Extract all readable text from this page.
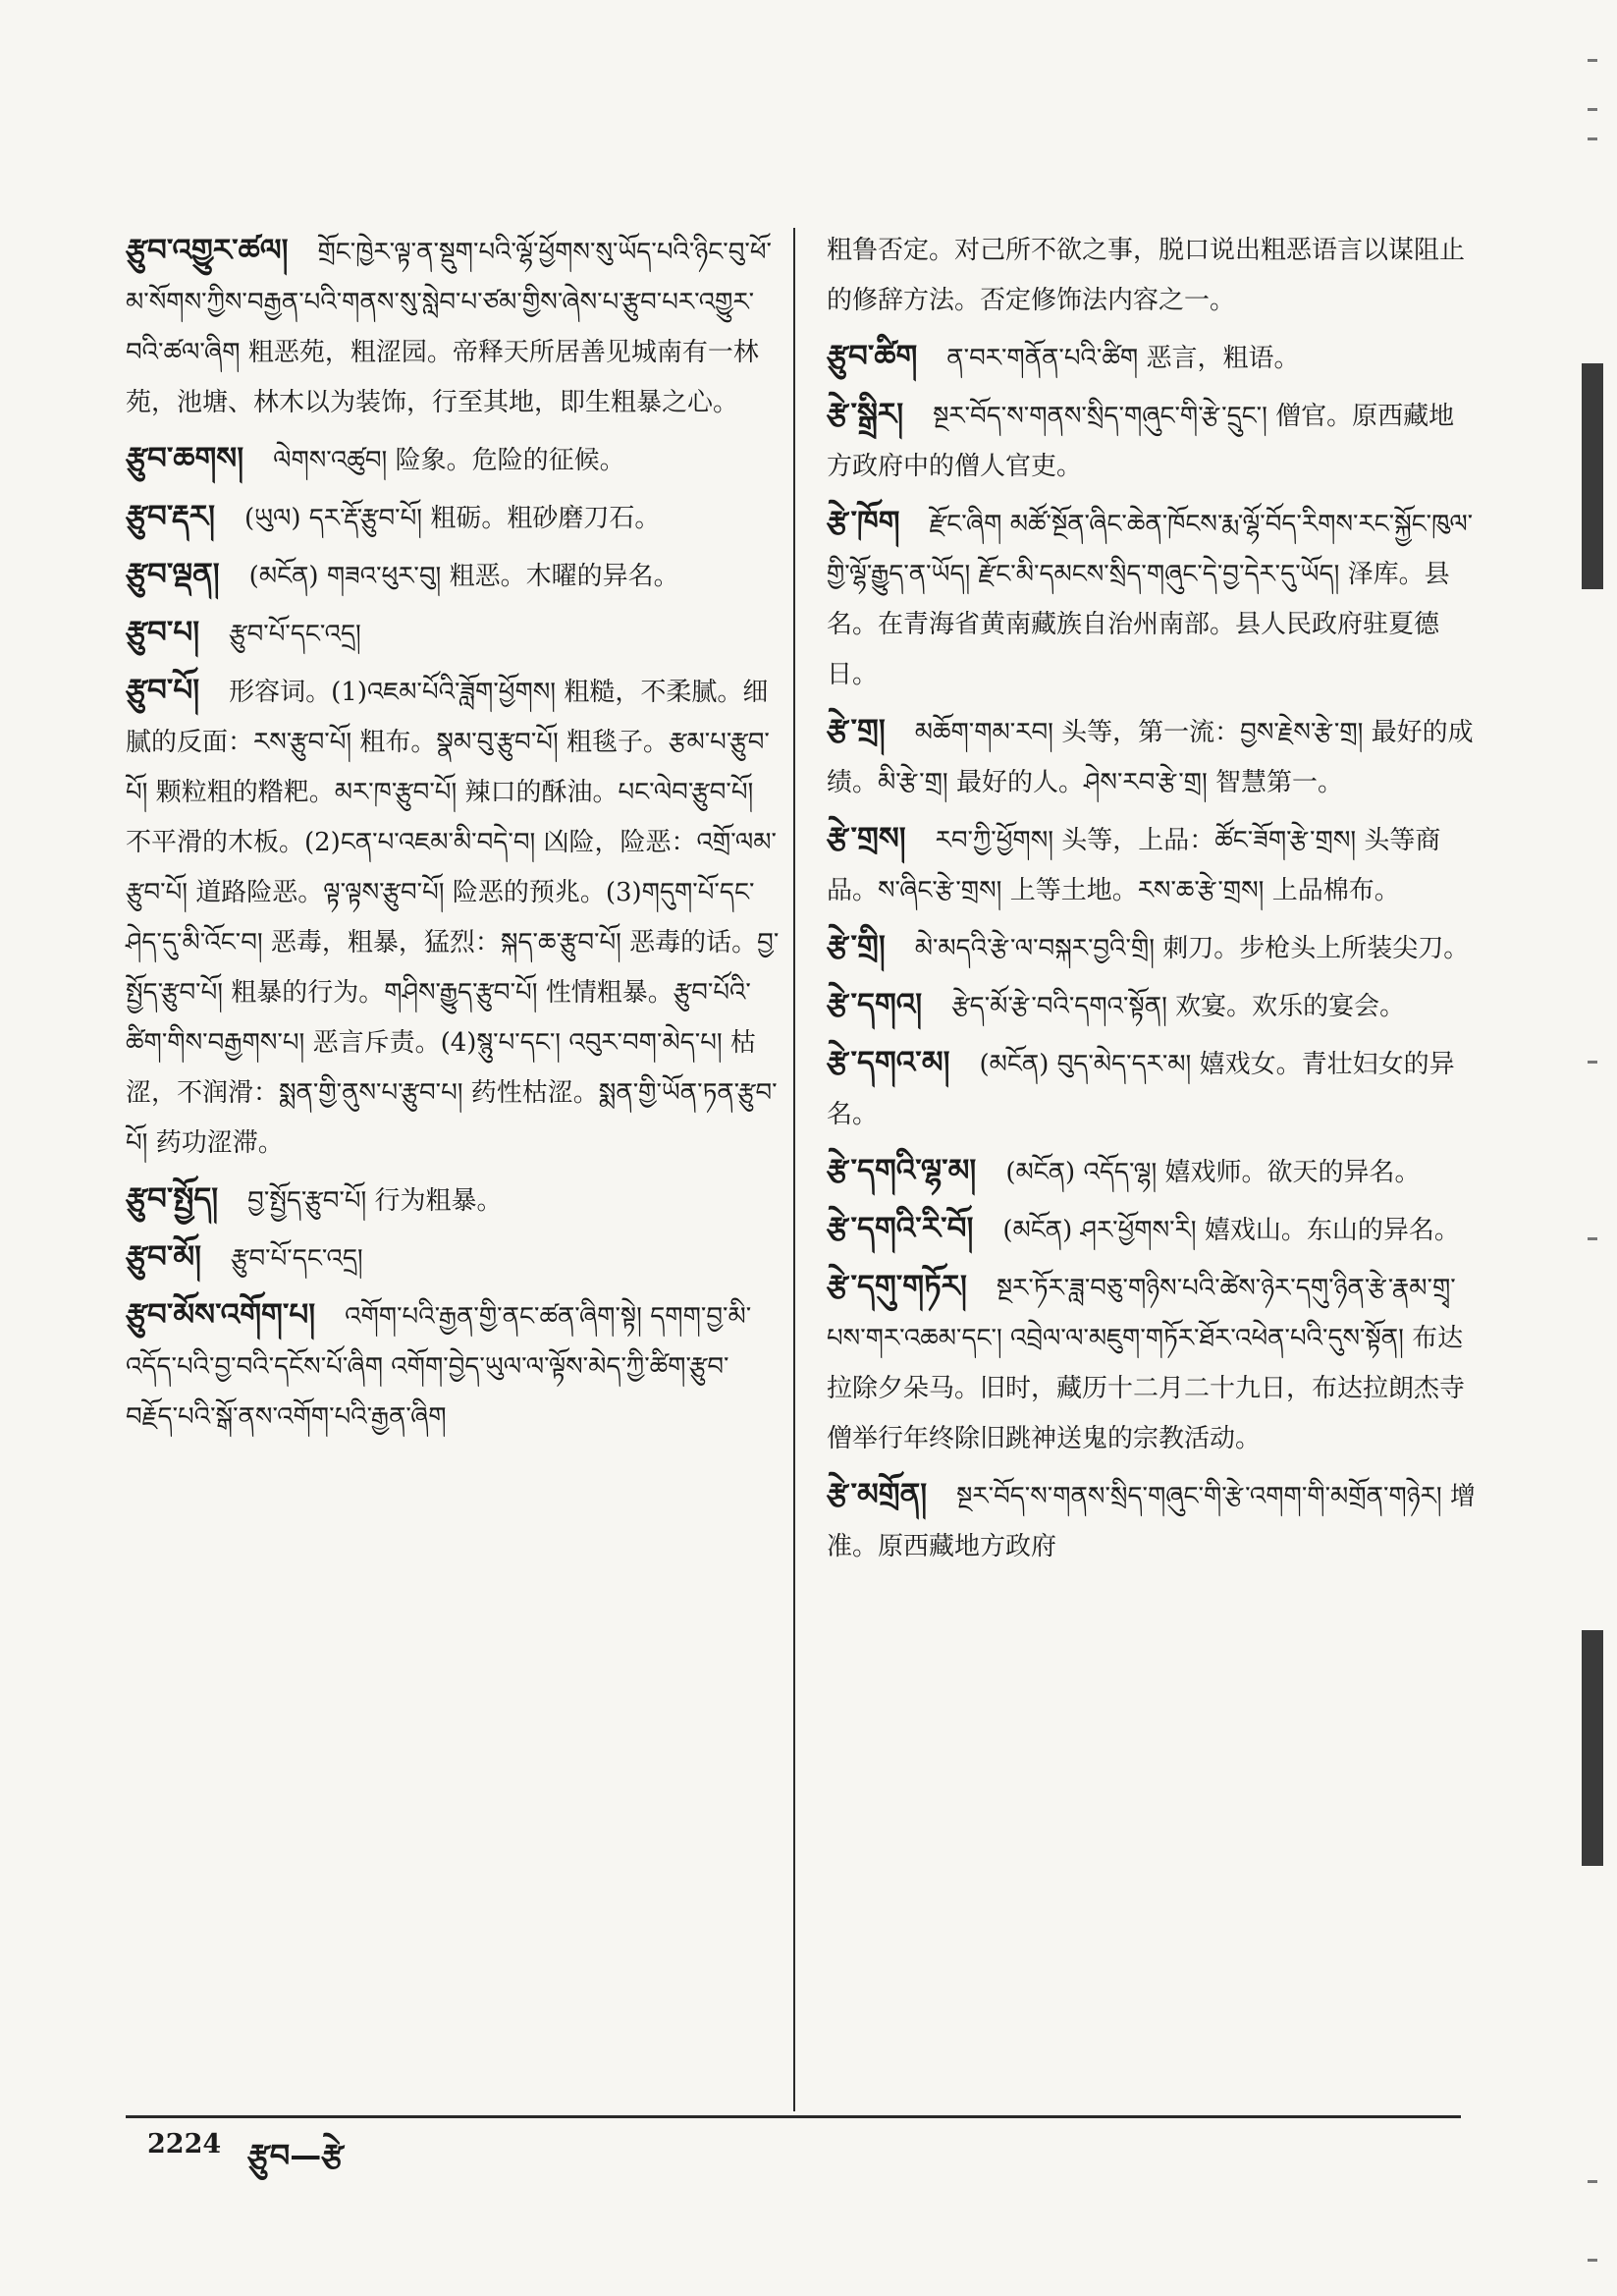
རྩུབ་འགྱུར་ཚལ། གྲོང་ཁྱེར་ལྟ་ན་སྡུག་པའི་ལྷོ་ཕྱོགས་སུ་ཡོད་པའི་ཉིང་བུ་ཕོ་མ་སོགས་ཀྱིས་བརྒྱན་པའི་གནས་སུ་སླེབ་པ་ཙམ་གྱིས་ཞེས་པ་རྩུབ་པར་འགྱུར་བའི་ཚལ་ཞིག 粗恶苑，粗涩园。帝释天所居善见城南有一林苑，池塘、林木以为装饰，行至其地，即生粗暴之心。
རྩུབ་ཆགས། ལེགས་འཚུབ། 险象。危险的征候。
རྩུབ་རྡར། (ཡུལ) དར་རྡོ་རྩུབ་པོ། 粗砺。粗砂磨刀石。
རྩུབ་ལྡན། (མངོན) གཟའ་ཕུར་བུ། 粗恶。木曜的异名。
རྩུབ་པ། རྩུབ་པོ་དང་འདྲ།
རྩུབ་པོ། 形容词。(1)འཇམ་པོའི་ཟློག་ཕྱོགས། 粗糙，不柔腻。细腻的反面：རས་རྩུབ་པོ། 粗布。སྣམ་བུ་རྩུབ་པོ། 粗毯子。རྩམ་པ་རྩུབ་པོ། 颗粒粗的糌粑。མར་ཁ་རྩུབ་པོ། 辣口的酥油。པང་ལེབ་རྩུབ་པོ། 不平滑的木板。(2)ངན་པ་འཇམ་མི་བདེ་བ། 凶险，险恶：འགྲོ་ལམ་རྩུབ་པོ། 道路险恶。ལྟ་ལྟས་རྩུབ་པོ། 险恶的预兆。(3)གདུག་པོ་དང་ཤེད་དུ་མི་འོང་བ། 恶毒，粗暴，猛烈：སྐད་ཆ་རྩུབ་པོ། 恶毒的话。བྱ་སྤྱོད་རྩུབ་པོ། 粗暴的行为。གཤིས་རྒྱུད་རྩུབ་པོ། 性情粗暴。རྩུབ་པོའི་ཚིག་གིས་བརྒྱགས་པ། 恶言斥责。(4)སྙུ་པ་དང་། འབུར་བག་མེད་པ། 枯涩，不润滑：སྨན་གྱི་ནུས་པ་རྩུབ་པ། 药性枯涩。སྨན་གྱི་ཡོན་ཏན་རྩུབ་པོ། 药功涩滞。
རྩུབ་སྤྱོད། བྱ་སྤྱོད་རྩུབ་པོ། 行为粗暴。
རྩུབ་མོ། རྩུབ་པོ་དང་འདྲ།
རྩུབ་མོས་འགོག་པ། འགོག་པའི་རྒྱན་གྱི་ནང་ཚན་ཞིག་སྟེ། དགག་བྱ་མི་འདོད་པའི་བྱ་བའི་དངོས་པོ་ཞིག འགོག་བྱེད་ཡུལ་ལ་ལྟོས་མེད་ཀྱི་ཚིག་རྩུབ་བརྗོད་པའི་སྒོ་ནས་འགོག་པའི་རྒྱན་ཞིག
粗鲁否定。对己所不欲之事，脱口说出粗恶语言以谋阻止的修辞方法。否定修饰法内容之一。
རྩུབ་ཚིག ན་བར་གནོན་པའི་ཚིག 恶言，粗语。
རྩེ་སྒྲིར། སྔར་བོད་ས་གནས་སྲིད་གཞུང་གི་རྩེ་དྲུང་། 僧官。原西藏地方政府中的僧人官吏。
རྩེ་ཁོག རྫོང་ཞིག མཚོ་སྔོན་ཞིང་ཆེན་ཁོངས་རྨ་ལྷོ་བོད་རིགས་རང་སྐྱོང་ཁུལ་གྱི་ལྷོ་རྒྱུད་ན་ཡོད། རྫོང་མི་དམངས་སྲིད་གཞུང་དེ་བྱ་དེར་དུ་ཡོད། 泽库。县名。在青海省黄南藏族自治州南部。县人民政府驻夏德日。
རྩེ་གྲ། མཆོག་གམ་རབ། 头等，第一流：བྱས་རྗེས་རྩེ་གྲ། 最好的成绩。མི་རྩེ་གྲ། 最好的人。ཤེས་རབ་རྩེ་གྲ། 智慧第一。
རྩེ་གྲས། རབ་ཀྱི་ཕྱོགས། 头等，上品：ཚོང་ཟོག་རྩེ་གྲས། 头等商品。ས་ཞིང་རྩེ་གྲས། 上等土地。རས་ཆ་རྩེ་གྲས། 上品棉布。
རྩེ་གྲི། མེ་མདའི་རྩེ་ལ་བསྐར་བྱའི་གྲི། 刺刀。步枪头上所装尖刀。
རྩེ་དགའ། རྩེད་མོ་རྩེ་བའི་དགའ་སྟོན། 欢宴。欢乐的宴会。
རྩེ་དགའ་མ། (མངོན) བུད་མེད་དར་མ། 嬉戏女。青壮妇女的异名。
རྩེ་དགའི་ལྷ་མ། (མངོན) འདོད་ལྷ། 嬉戏师。欲天的异名。
རྩེ་དགའི་རི་བོ། (མངོན) ཤར་ཕྱོགས་རི། 嬉戏山。东山的异名。
རྩེ་དགུ་གཏོར། སྔར་ཏོར་ཟླ་བཅུ་གཉིས་པའི་ཚེས་ཉེར་དགུ་ཉིན་རྩེ་རྣམ་གྲྭ་པས་གར་འཆམ་དང་། འབྲེལ་ལ་མཇུག་གཏོར་ཐོར་འཕེན་པའི་དུས་སྟོན། 布达拉除夕朵马。旧时，藏历十二月二十九日，布达拉朗杰寺僧举行年终除旧跳神送鬼的宗教活动。
རྩེ་མགྲོན། སྔར་བོད་ས་གནས་སྲིད་གཞུང་གི་རྩེ་འགག་གི་མགྲོན་གཉེར། 增准。原西藏地方政府
2224 རྩུབ—རྩེ
